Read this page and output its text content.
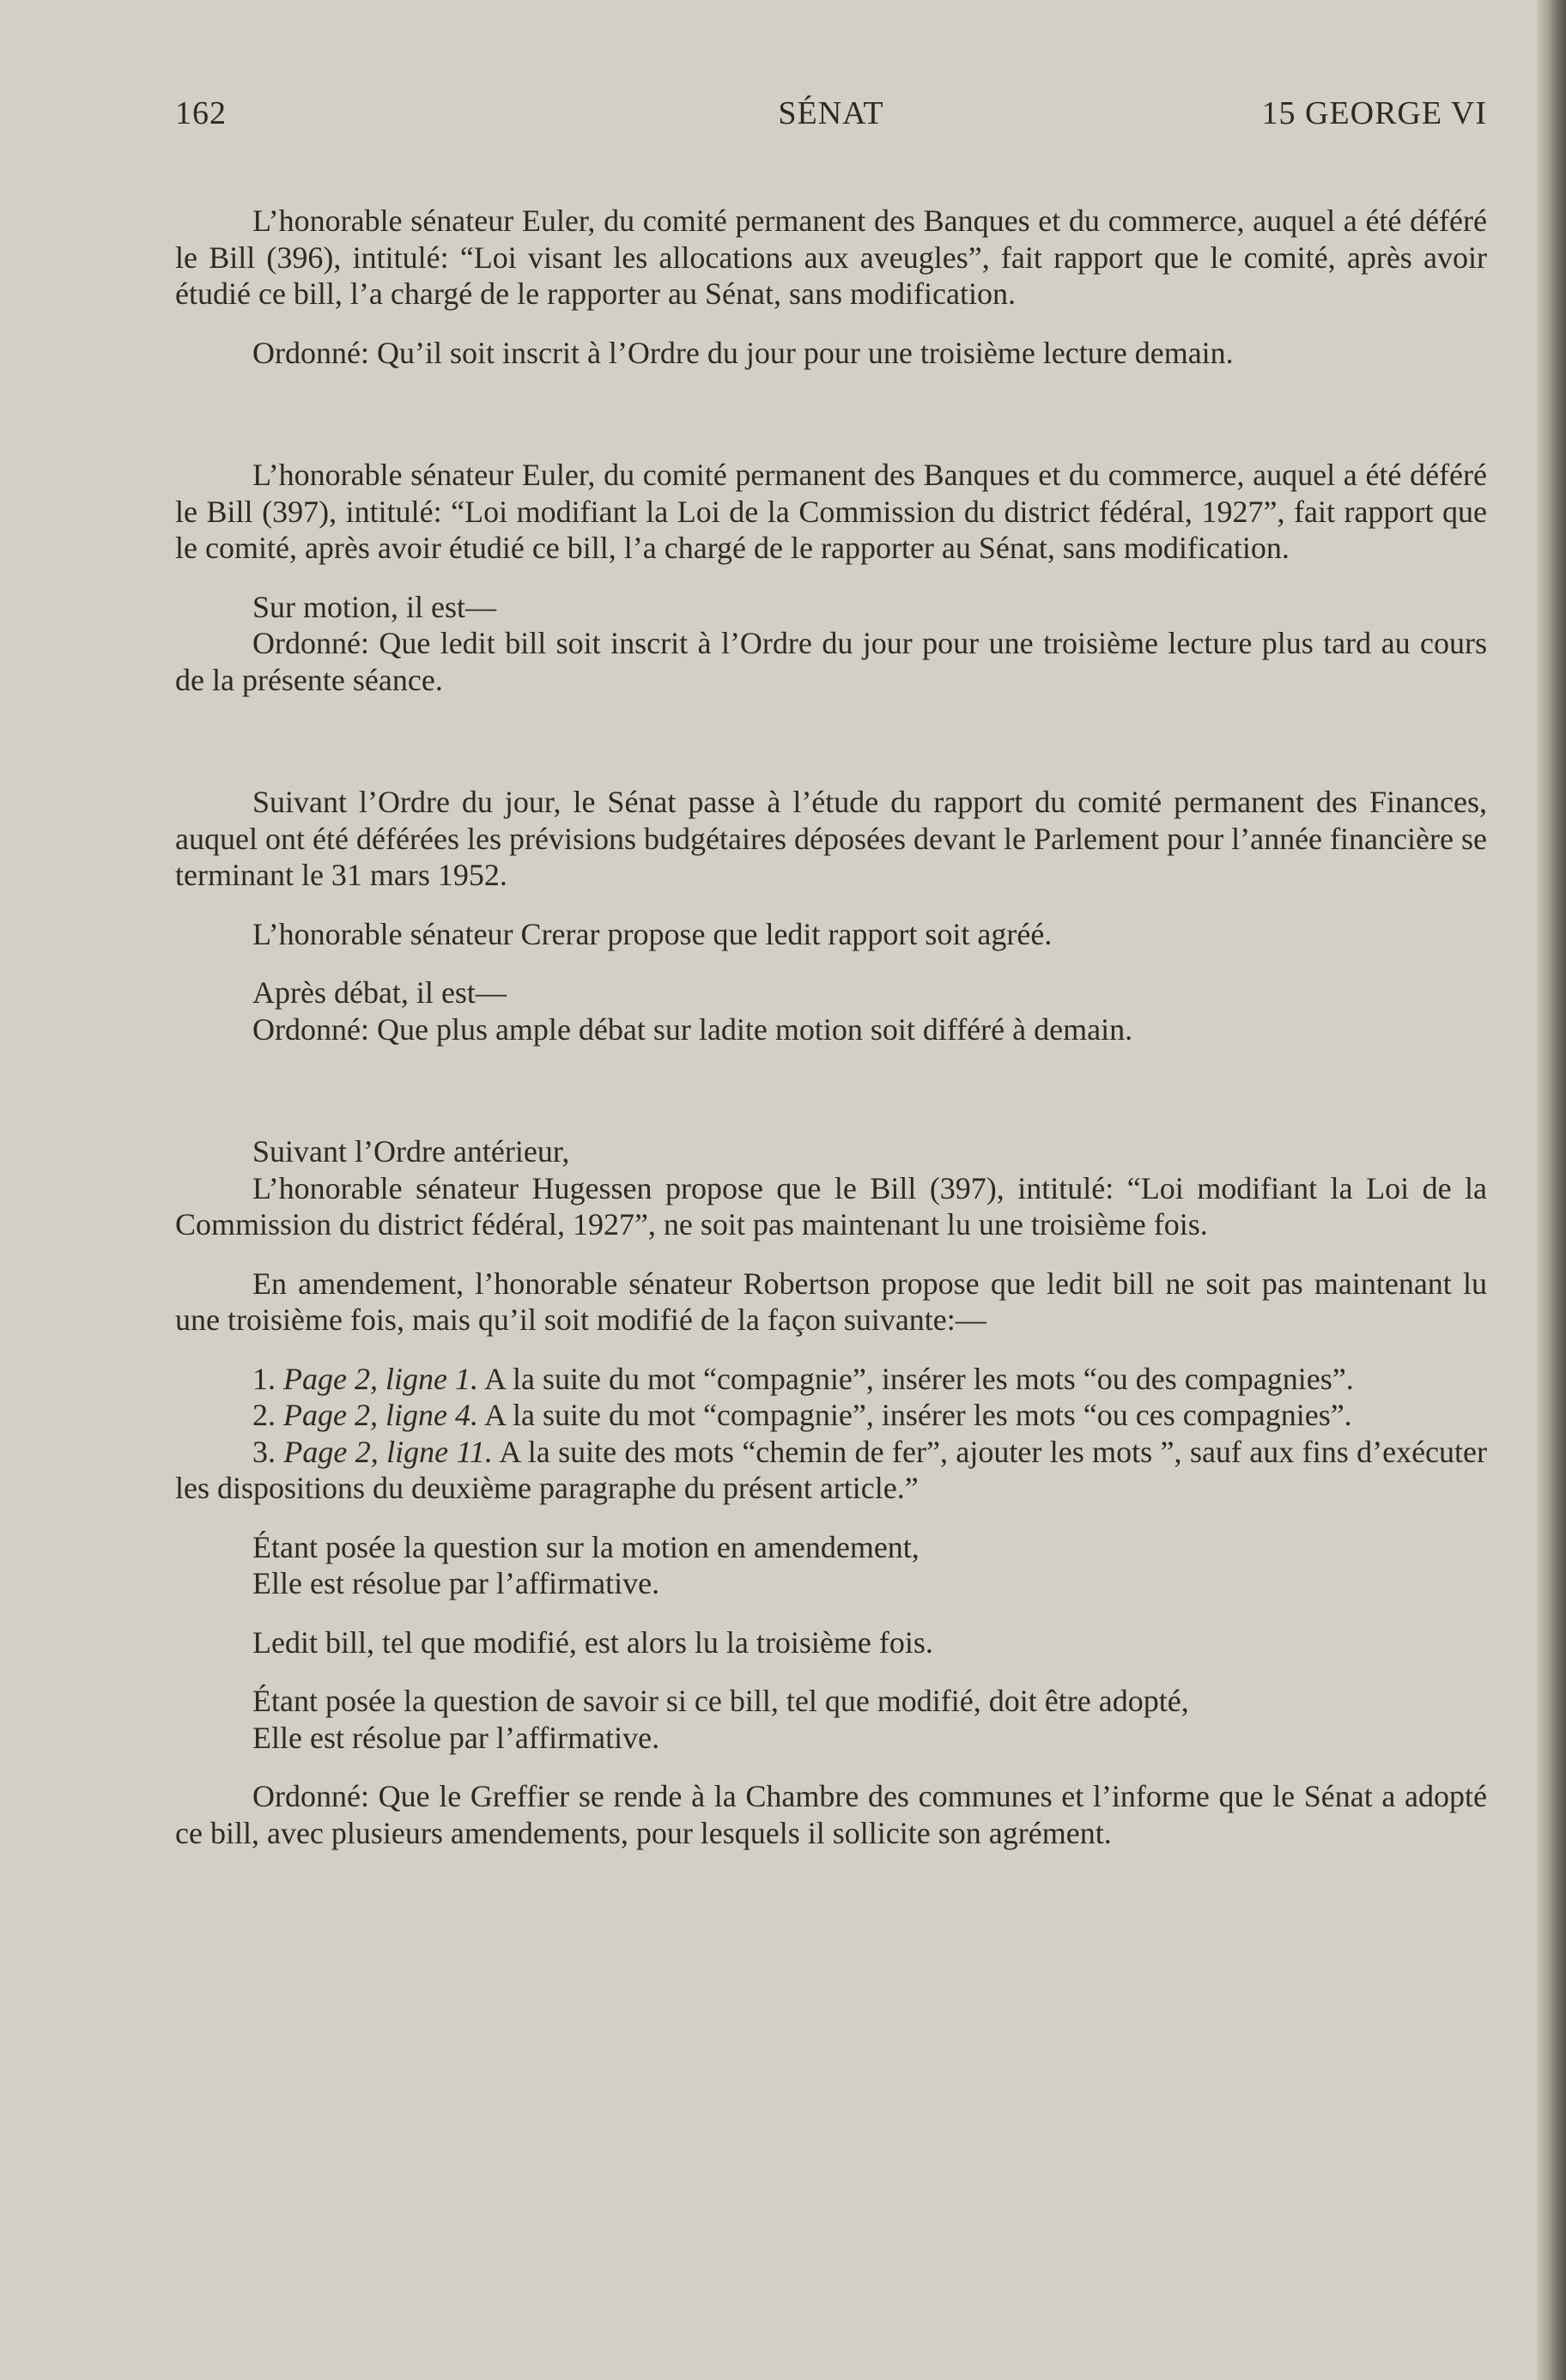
162	SÉNAT	15 GEORGE VI

L’honorable sénateur Euler, du comité permanent des Banques et du commerce, auquel a été déféré le Bill (396), intitulé: “Loi visant les allocations aux aveugles”, fait rapport que le comité, après avoir étudié ce bill, l’a chargé de le rapporter au Sénat, sans modification.

Ordonné: Qu’il soit inscrit à l’Ordre du jour pour une troisième lecture demain.

L’honorable sénateur Euler, du comité permanent des Banques et du commerce, auquel a été déféré le Bill (397), intitulé: “Loi modifiant la Loi de la Commission du district fédéral, 1927”, fait rapport que le comité, après avoir étudié ce bill, l’a chargé de le rapporter au Sénat, sans modification.

Sur motion, il est—

Ordonné: Que ledit bill soit inscrit à l’Ordre du jour pour une troisième lecture plus tard au cours de la présente séance.

Suivant l’Ordre du jour, le Sénat passe à l’étude du rapport du comité permanent des Finances, auquel ont été déférées les prévisions budgétaires déposées devant le Parlement pour l’année financière se terminant le 31 mars 1952.

L’honorable sénateur Crerar propose que ledit rapport soit agréé.

Après débat, il est—

Ordonné: Que plus ample débat sur ladite motion soit différé à demain.

Suivant l’Ordre antérieur,

L’honorable sénateur Hugessen propose que le Bill (397), intitulé: “Loi modifiant la Loi de la Commission du district fédéral, 1927”, ne soit pas maintenant lu une troisième fois.

En amendement, l’honorable sénateur Robertson propose que ledit bill ne soit pas maintenant lu une troisième fois, mais qu’il soit modifié de la façon suivante:—

1. Page 2, ligne 1. A la suite du mot “compagnie”, insérer les mots “ou des compagnies”.

2. Page 2, ligne 4. A la suite du mot “compagnie”, insérer les mots “ou ces compagnies”.

3. Page 2, ligne 11. A la suite des mots “chemin de fer”, ajouter les mots ”, sauf aux fins d’exécuter les dispositions du deuxième paragraphe du présent article.”

Étant posée la question sur la motion en amendement,

Elle est résolue par l’affirmative.

Ledit bill, tel que modifié, est alors lu la troisième fois.

Étant posée la question de savoir si ce bill, tel que modifié, doit être adopté,

Elle est résolue par l’affirmative.

Ordonné: Que le Greffier se rende à la Chambre des communes et l’informe que le Sénat a adopté ce bill, avec plusieurs amendements, pour lesquels il sollicite son agrément.
